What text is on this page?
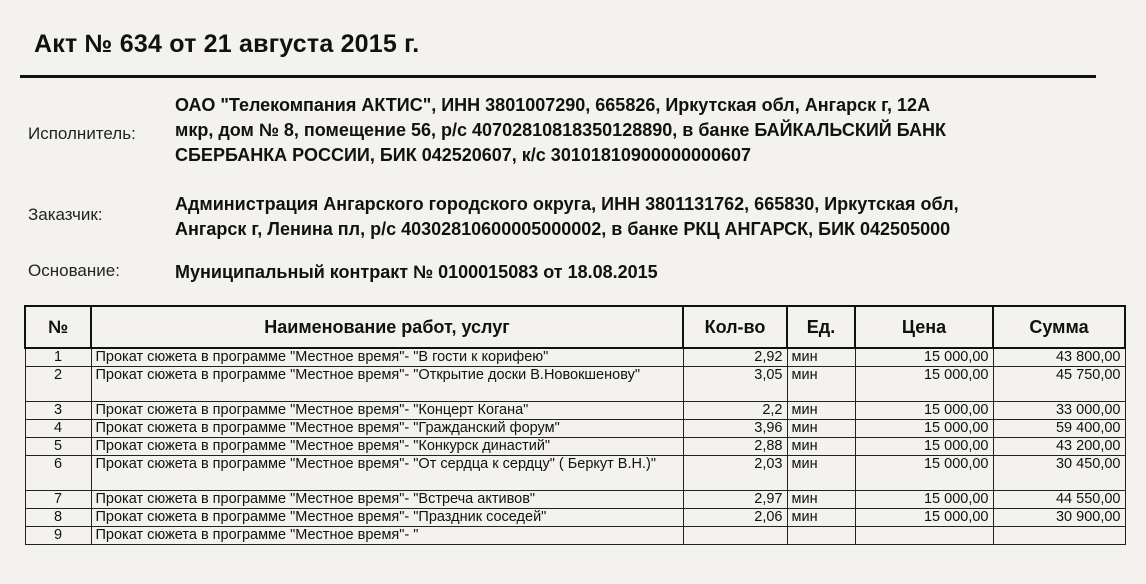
Акт № 634 от 21 августа 2015 г.
Исполнитель:
ОАО "Телекомпания АКТИС", ИНН 3801007290, 665826, Иркутская обл, Ангарск г, 12А
мкр, дом № 8, помещение 56, р/с 40702810818350128890, в банке БАЙКАЛЬСКИЙ БАНК
СБЕРБАНКА РОССИИ, БИК 042520607, к/с 30101810900000000607
Заказчик:
Администрация Ангарского городского округа, ИНН 3801131762, 665830, Иркутская обл,
Ангарск г, Ленина пл, р/с 40302810600005000002, в банке РКЦ АНГАРСК, БИК 042505000
Основание:	Муниципальный контракт № 0100015083 от 18.08.2015
№	Наименование работ, услуг	Кол-во	Ед.	Цена	Сумма
1	Прокат сюжета в программе "Местное время"- "В гости к корифею"	2,92	мин	15 000,00	43 800,00
2	Прокат сюжета в программе "Местное время"- "Открытие доски В.Новокшенову"	3,05	мин	15 000,00	45 750,00
3	Прокат сюжета в программе "Местное время"- "Концерт Когана"	2,2	мин	15 000,00	33 000,00
4	Прокат сюжета в программе "Местное время"- "Гражданский форум"	3,96	мин	15 000,00	59 400,00
5	Прокат сюжета в программе "Местное время"- "Конкурск династий"	2,88	мин	15 000,00	43 200,00
6	Прокат сюжета в программе "Местное время"- "От сердца к сердцу" ( Беркут В.Н.)"	2,03	мин	15 000,00	30 450,00
7	Прокат сюжета в программе "Местное время"- "Встреча активов"	2,97	мин	15 000,00	44 550,00
8	Прокат сюжета в программе "Местное время"- "Праздник соседей"	2,06	мин	15 000,00	30 900,00
9	Прокат сюжета в программе "Местное время"- "				
